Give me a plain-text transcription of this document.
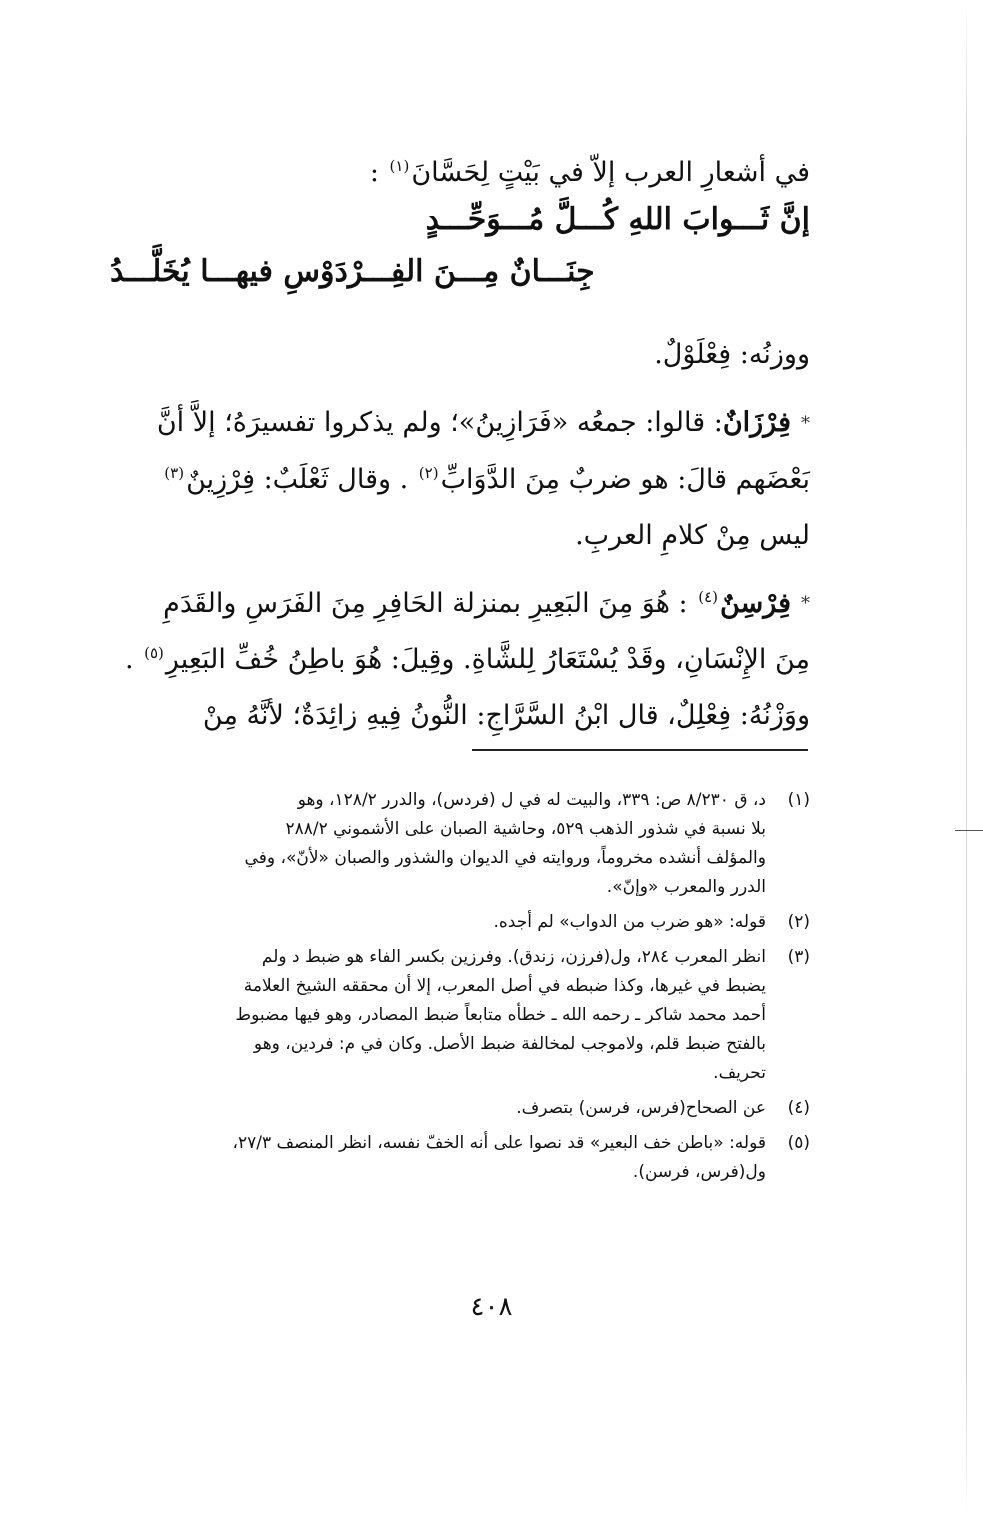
في أشعارِ العرب إلاّ في بَيْتٍ لِحَسَّانَ$^{(١)}$ :

إنَّ ثَـــوابَ اللهِ كُـــلَّ مُـــوَحِّـــدٍ
جِنَـــانٌ مِـــنَ الفِـــرْدَوْسِ فيهـــا يُخَلَّـــدُ

ووزنُه: فِعْلَوْلٌ.

*فِرْزَانٌ: قالوا: جمعُه «فَرَازِينُ»؛ ولم يذكروا تفسيرَهُ؛ إلاَّ أنَّ

بَعْضَهم قالَ: هو ضربٌ مِنَ الدَّوَابِّ$^{(٢)}$ . وقال ثَعْلَبٌ: فِرْزِينٌ$^{(٣)}$

ليس مِنْ كلامِ العربِ.

*فِرْسِنٌ$^{(٤)}$ : هُوَ مِنَ البَعِيرِ بمنزلة الحَافِرِ مِنَ الفَرَسِ والقَدَمِ

مِنَ الإِنْسَانِ، وقَدْ يُسْتَعَارُ لِلشَّاةِ. وقِيلَ: هُوَ باطِنُ خُفِّ البَعِيرِ$^{(٥)}$ .

ووَزْنُهُ: فِعْلِلٌ، قال ابْنُ السَّرَّاجِ: النُّونُ فِيهِ زائِدَةٌ؛ لأنَّهُ مِنْ

(١)
د، ق ٨/٢٣٠ ص: ٣٣٩، والبيت له في ل (فردس)، والدرر ١٢٨/٢، وهو
بلا نسبة في شذور الذهب ٥٢٩، وحاشية الصبان على الأشموني ٢٨٨/٢
والمؤلف أنشده مخروماً، وروايته في الديوان والشذور والصبان «لأنّ»، وفي
الدرر والمعرب «وإنّ».
(٢)
قوله: «هو ضرب من الدواب» لم أجده.
(٣)
انظر المعرب ٢٨٤، ول(فرزن، زندق). وفرزين بكسر الفاء هو ضبط د ولم
يضبط في غيرها، وكذا ضبطه في أصل المعرب، إلا أن محققه الشيخ العلامة
أحمد محمد شاكر ـ رحمه الله ـ خطأه متابعاً ضبط المصادر، وهو فيها مضبوط
بالفتح ضبط قلم، ولاموجب لمخالفة ضبط الأصل. وكان في م: فردين، وهو
تحريف.
(٤)
عن الصحاح(فرس، فرسن) بتصرف.
(٥)
قوله: «باطن خف البعير» قد نصوا على أنه الخفّ نفسه، انظر المنصف ٢٧/٣،
ول(فرس، فرسن).
٤٠٨
